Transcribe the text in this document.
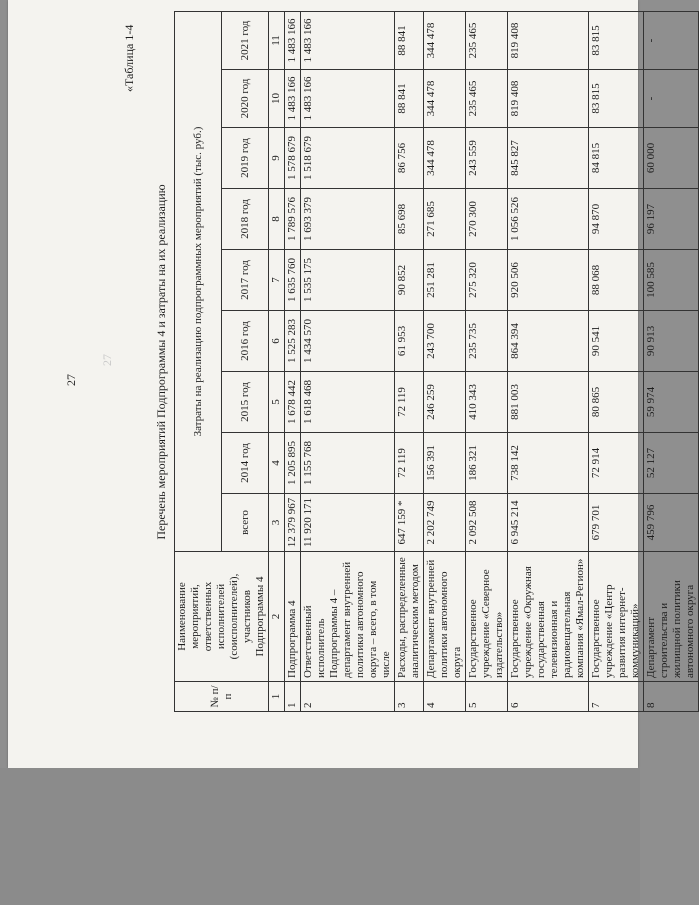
27
27
«Таблица 1-4
Перечень мероприятий Подпрограммы 4 и затраты на их реализацию
№ п/п	Наименование мероприятий, ответственных исполнителей (соисполнителей), участников Подпрограммы 4	Затраты на реализацию подпрограммных мероприятий (тыс. руб.)								
		всего	2014 год	2015 год	2016 год	2017 год	2018 год	2019 год	2020 год	2021 год
1	2	3	4	5	6	7	8	9	10	11
1	Подпрограмма 4	12 379 967	1 205 895	1 678 442	1 525 283	1 635 760	1 789 576	1 578 679	1 483 166	1 483 166
2	Ответственный исполнитель Подпрограммы 4 – департамент внутренней политики автономного округа – всего, в том числе	11 920 171	1 155 768	1 618 468	1 434 570	1 535 175	1 693 379	1 518 679	1 483 166	1 483 166
3	Расходы, распределенные аналитическим методом	647 159 *	72 119	72 119	61 953	90 852	85 698	86 756	88 841	88 841
4	Департамент внутренней политики автономного округа	2 202 749	156 391	246 259	243 700	251 281	271 685	344 478	344 478	344 478
5	Государственное учреждение «Северное издательство»	2 092 508	186 321	410 343	235 735	275 320	270 300	243 559	235 465	235 465
6	Государственное учреждение «Окружная государственная телевизионная и радиовещательная компания «Ямал-Регион»	6 945 214	738 142	881 003	864 394	920 506	1 056 526	845 827	819 408	819 408
7	Государственное учреждение «Центр развития интернет-коммуникаций»	679 701	72 914	80 865	90 541	88 068	94 870	84 815	83 815	83 815
8	Департамент строительства и жилищной политики автономного округа	459 796	52 127	59 974	90 913	100 585	96 197	60 000	-	-
